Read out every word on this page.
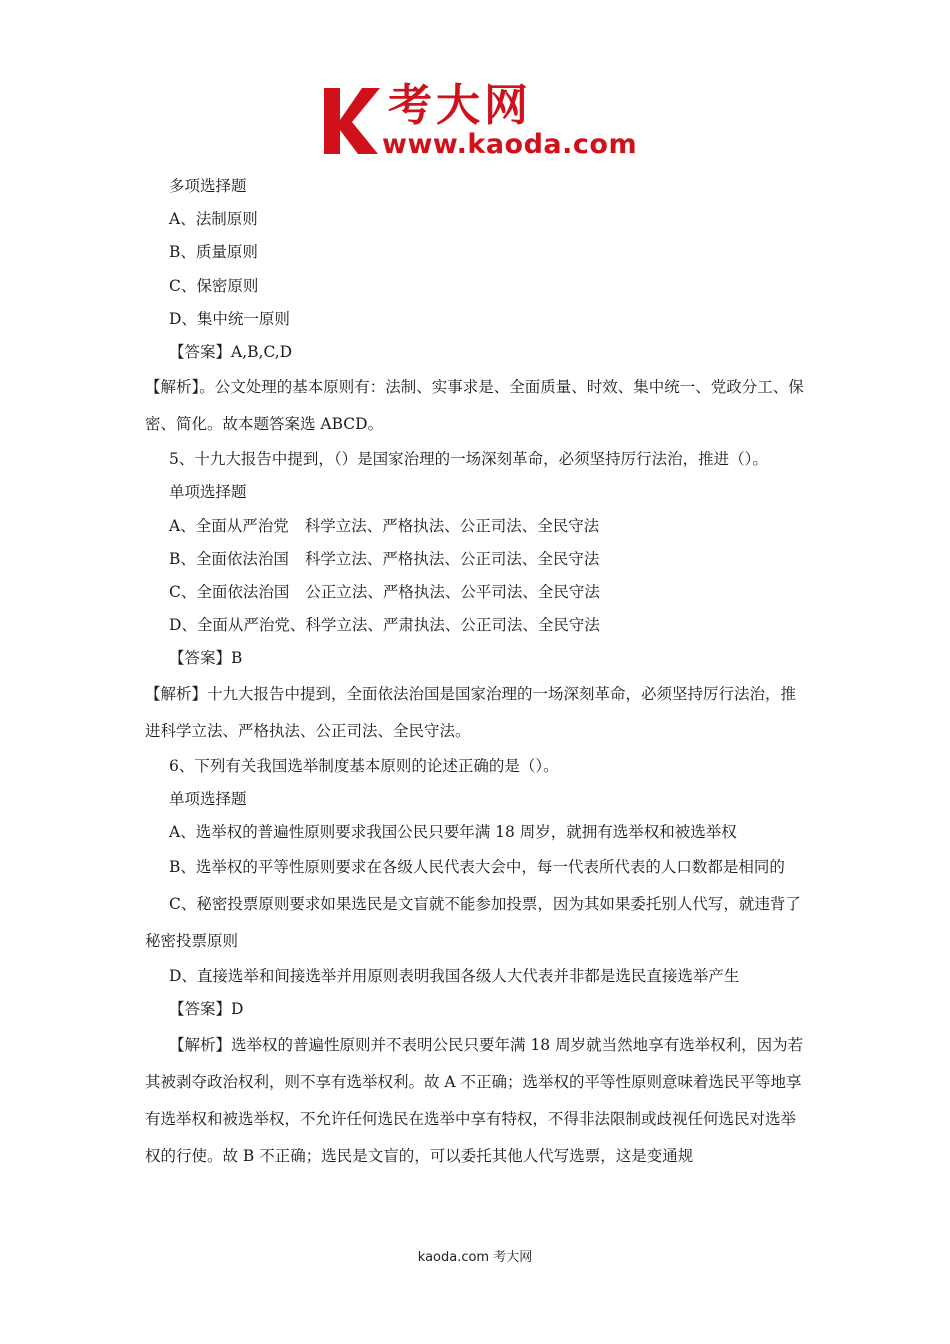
考大网
www.kaoda.com
多项选择题
A、法制原则
B、质量原则
C、保密原则
D、集中统一原则
【答案】A,B,C,D
【解析】。公文处理的基本原则有：法制、实事求是、全面质量、时效、集中统一、党政分工、保密、简化。故本题答案选 ABCD。
5、十九大报告中提到，（）是国家治理的一场深刻革命，必须坚持厉行法治，推进（）。
单项选择题
A、全面从严治党 科学立法、严格执法、公正司法、全民守法
B、全面依法治国 科学立法、严格执法、公正司法、全民守法
C、全面依法治国 公正立法、严格执法、公平司法、全民守法
D、全面从严治党、科学立法、严肃执法、公正司法、全民守法
【答案】B
【解析】十九大报告中提到，全面依法治国是国家治理的一场深刻革命，必须坚持厉行法治，推进科学立法、严格执法、公正司法、全民守法。
6、下列有关我国选举制度基本原则的论述正确的是（）。
单项选择题
A、选举权的普遍性原则要求我国公民只要年满 18 周岁，就拥有选举权和被选举权
B、选举权的平等性原则要求在各级人民代表大会中，每一代表所代表的人口数都是相同的
C、秘密投票原则要求如果选民是文盲就不能参加投票，因为其如果委托别人代写，就违背了秘密投票原则
D、直接选举和间接选举并用原则表明我国各级人大代表并非都是选民直接选举产生
【答案】D
【解析】选举权的普遍性原则并不表明公民只要年满 18 周岁就当然地享有选举权利，因为若其被剥夺政治权利，则不享有选举权利。故 A 不正确；选举权的平等性原则意味着选民平等地享有选举权和被选举权，不允许任何选民在选举中享有特权，不得非法限制或歧视任何选民对选举权的行使。故 B 不正确；选民是文盲的，可以委托其他人代写选票，这是变通规
kaoda.com 考大网
